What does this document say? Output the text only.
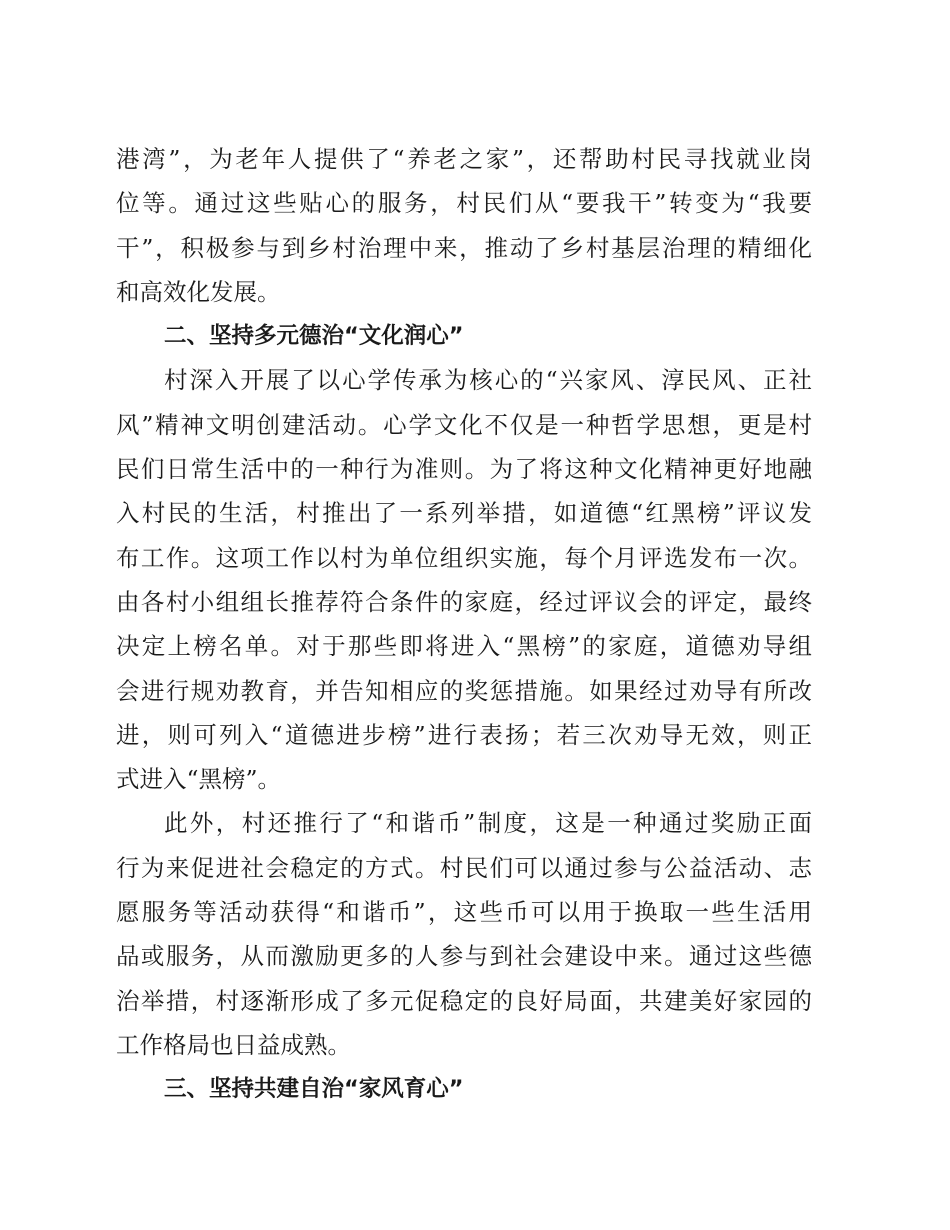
港湾”，为老年人提供了“养老之家”，还帮助村民寻找就业岗
位等。通过这些贴心的服务，村民们从“要我干”转变为“我要
干”，积极参与到乡村治理中来，推动了乡村基层治理的精细化
和高效化发展。
二、坚持多元德治“文化润心”
村深入开展了以心学传承为核心的“兴家风、淳民风、正社
风”精神文明创建活动。心学文化不仅是一种哲学思想，更是村
民们日常生活中的一种行为准则。为了将这种文化精神更好地融
入村民的生活，村推出了一系列举措，如道德“红黑榜”评议发
布工作。这项工作以村为单位组织实施，每个月评选发布一次。
由各村小组组长推荐符合条件的家庭，经过评议会的评定，最终
决定上榜名单。对于那些即将进入“黑榜”的家庭，道德劝导组
会进行规劝教育，并告知相应的奖惩措施。如果经过劝导有所改
进，则可列入“道德进步榜”进行表扬；若三次劝导无效，则正
式进入“黑榜”。
此外，村还推行了“和谐币”制度，这是一种通过奖励正面
行为来促进社会稳定的方式。村民们可以通过参与公益活动、志
愿服务等活动获得“和谐币”，这些币可以用于换取一些生活用
品或服务，从而激励更多的人参与到社会建设中来。通过这些德
治举措，村逐渐形成了多元促稳定的良好局面，共建美好家园的
工作格局也日益成熟。
三、坚持共建自治“家风育心”
